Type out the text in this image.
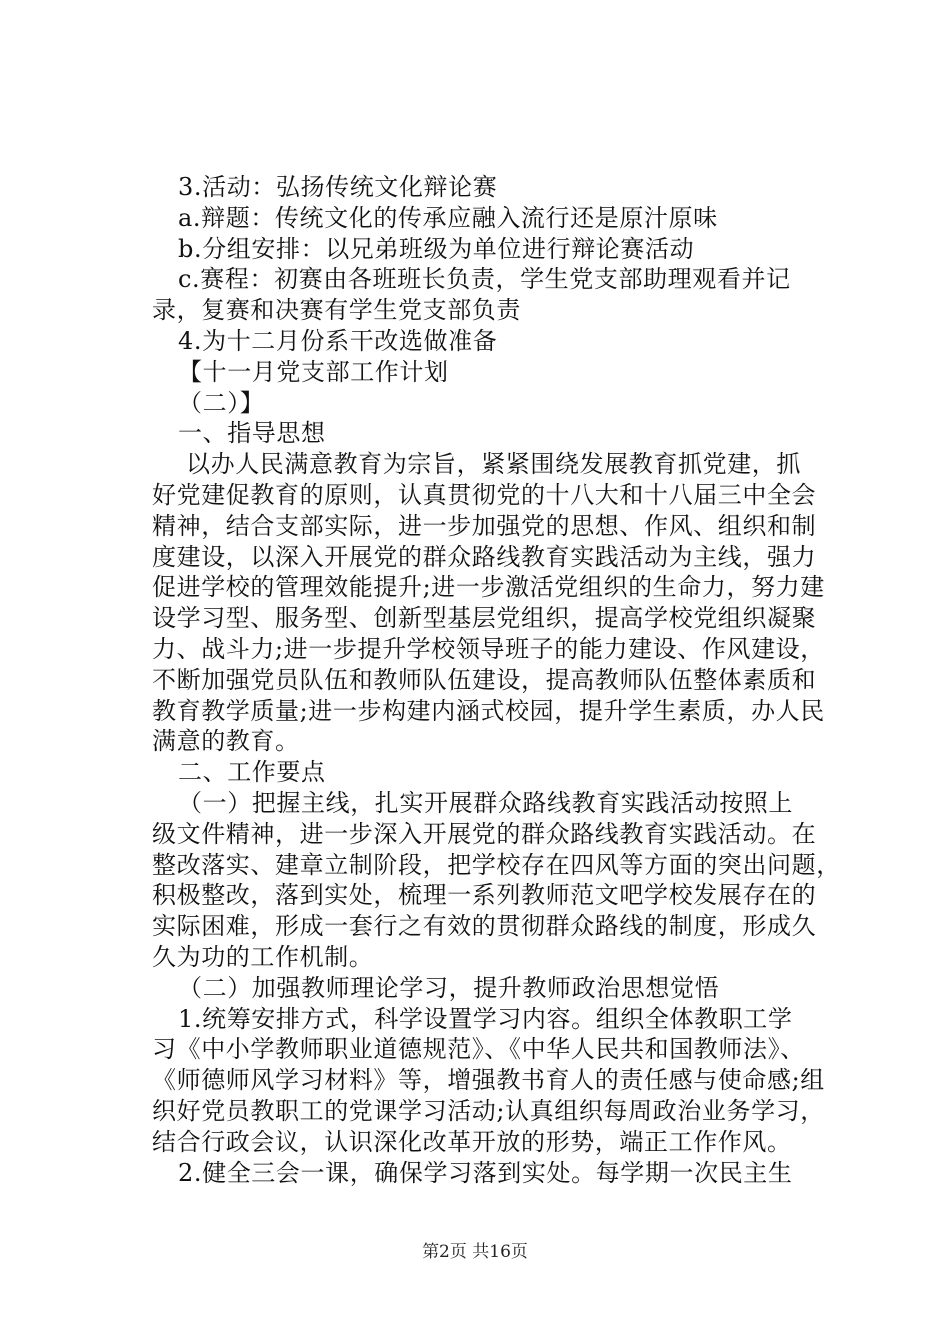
3.活动：弘扬传统文化辩论赛
a.辩题：传统文化的传承应融入流行还是原汁原味
b.分组安排：以兄弟班级为单位进行辩论赛活动
c.赛程：初赛由各班班长负责，学生党支部助理观看并记
录，复赛和决赛有学生党支部负责
4.为十二月份系干改选做准备
【十一月党支部工作计划
（二）】
一、指导思想
以办人民满意教育为宗旨，紧紧围绕发展教育抓党建，抓
好党建促教育的原则，认真贯彻党的十八大和十八届三中全会
精神，结合支部实际，进一步加强党的思想、作风、组织和制
度建设，以深入开展党的群众路线教育实践活动为主线，强力
促进学校的管理效能提升;进一步激活党组织的生命力，努力建
设学习型、服务型、创新型基层党组织，提高学校党组织凝聚
力、战斗力;进一步提升学校领导班子的能力建设、作风建设，
不断加强党员队伍和教师队伍建设，提高教师队伍整体素质和
教育教学质量;进一步构建内涵式校园，提升学生素质，办人民
满意的教育。
二、工作要点
（一）把握主线，扎实开展群众路线教育实践活动按照上
级文件精神，进一步深入开展党的群众路线教育实践活动。在
整改落实、建章立制阶段，把学校存在四风等方面的突出问题，
积极整改，落到实处，梳理一系列教师范文吧学校发展存在的
实际困难，形成一套行之有效的贯彻群众路线的制度，形成久
久为功的工作机制。
（二）加强教师理论学习，提升教师政治思想觉悟
1.统筹安排方式，科学设置学习内容。组织全体教职工学
习《中小学教师职业道德规范》、《中华人民共和国教师法》、
《师德师风学习材料》等，增强教书育人的责任感与使命感;组
织好党员教职工的党课学习活动;认真组织每周政治业务学习，
结合行政会议，认识深化改革开放的形势，端正工作作风。
2.健全三会一课，确保学习落到实处。每学期一次民主生
第2页 共16页
